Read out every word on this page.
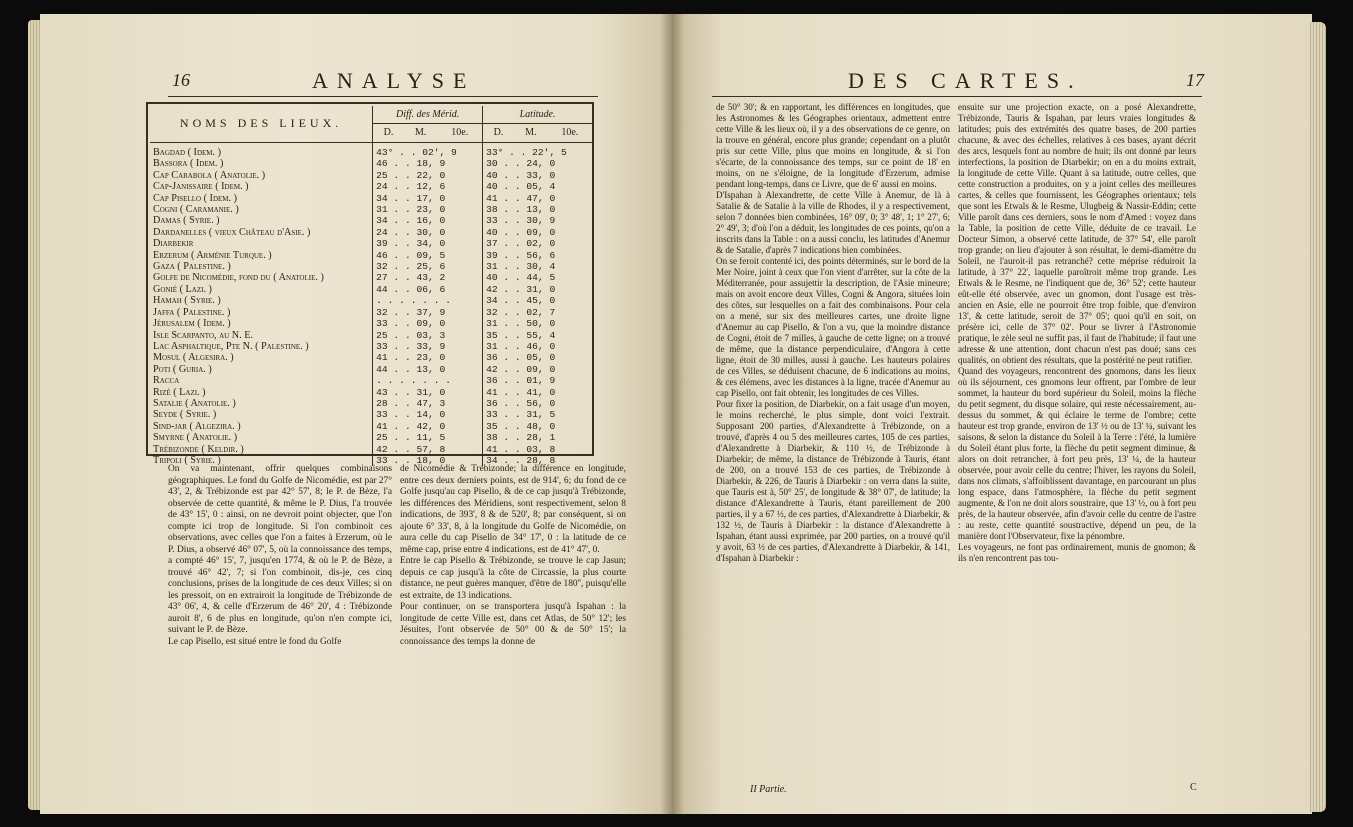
16	ANALYSE
NOMS DES LIEUX.	Diff. des Mérid.			Latitude.		
	D.	M.	10e.	D.	M.	10e.
Bagdad ( Idem. )	43° . . 02', 9			33° . . 22', 5		
Bassora ( Idem. )	46 . . 18, 9			30 . . 24, 0		
Cap Carabola ( Anatolie. )	25 . . 22, 0			40 . . 33, 0		
Cap-Janissaire ( Idem. )	24 . . 12, 6			40 . . 05, 4		
Cap Pisello ( Idem. )	34 . . 17, 0			41 . . 47, 0		
Cogni ( Caramanie. )	31 . . 23, 0			38 . . 13, 0		
Damas ( Syrie. )	34 . . 16, 0			33 . . 30, 9		
Dardanelles ( vieux Château d'Asie. )	24 . . 30, 0			40 . . 09, 0		
Diarbekir	39 . . 34, 0			37 . . 02, 0		
Erzerum ( Arménie Turque. )	46 . . 09, 5			39 . . 56, 6		
Gaza ( Palestine. )	32 . . 25, 6			31 . . 30, 4		
Golfe de Nicomédie, fond du ( Anatolie. )	27 . . 43, 2			40 . . 44, 5		
Gonié ( Lazi. )	44 . . 06, 6			42 . . 31, 0		
Hamah ( Syrie. )	. . . . . . .			34 . . 45, 0		
Jaffa ( Palestine. )	32 . . 37, 9			32 . . 02, 7		
Jérusalem ( Idem. )	33 . . 09, 0			31 . . 50, 0		
Isle Scarpanto, au N. E.	25 . . 03, 3			35 . . 55, 4		
Lac Asphaltique, Pte N. ( Palestine. )	33 . . 33, 9			31 . . 46, 0		
Mosul ( Algesira. )	41 . . 23, 0			36 . . 05, 0		
Poti ( Guria. )	44 . . 13, 0			42 . . 09, 0		
Racca	. . . . . . .			36 . . 01, 9		
Rizé ( Lazi. )	43 . . 31, 0			41 . . 41, 0		
Satalie ( Anatolie. )	28 . . 47, 3			36 . . 56, 0		
Seyde ( Syrie. )	33 . . 14, 0			33 . . 31, 5		
Sind-jar ( Algezira. )	41 . . 42, 0			35 . . 48, 0		
Smyrne ( Anatolie. )	25 . . 11, 5			38 . . 28, 1		
Trébizonde ( Keldir. )	42 . . 57, 8			41 . . 03, 8		
Tripoli ( Syrie. )	33 . . 18, 0			34 . . 28, 8		
On va maintenant, offrir quelques combinaisons géographiques. Le fond du Golfe de Nicomédie, est par 27° 43', 2, & Trébizonde est par 42° 57', 8; le P. de Bèze, l'a observée de cette quantité, & même le P. Dius, l'a trouvée de 43° 15', 0 : ainsi, on ne devroit point objecter, que l'on compte ici trop de longitude. Si l'on combinoit ces observations, avec celles que l'on a faites à Erzerum, où le P. Dius, a observé 46° 07', 5, où la connoissance des temps, a compté 46° 15', 7, jusqu'en 1774, & où le P. de Bèze, a trouvé 46° 42', 7; si l'on combinoit, dis-je, ces cinq conclusions, prises de la longitude de ces deux Villes; si on les pressoit, on en extrairoit la longitude de Trébizonde de 43° 06', 4, & celle d'Erzerum de 46° 20', 4 : Trébizonde auroit 8', 6 de plus en longitude, qu'on n'en compte ici, suivant le P. de Bèze.
Le cap Pisello, est situé entre le fond du Golfe
de Nicomédie & Trébizonde; la différence en longitude, entre ces deux derniers points, est de 914', 6; du fond de ce Golfe jusqu'au cap Pisello, & de ce cap jusqu'à Trébizonde, les différences des Méridiens, sont respectivement, selon 8 indications, de 393', 8 & de 520', 8; par conséquent, si on ajoute 6° 33', 8, à la longitude du Golfe de Nicomédie, on aura celle du cap Pisello de 34° 17', 0 : la latitude de ce même cap, prise entre 4 indications, est de 41° 47', 0.
Entre le cap Pisello & Trébizonde, se trouve le cap Jasun; depuis ce cap jusqu'à la côte de Circassie, la plus courte distance, ne peut guères manquer, d'être de 180'', puisqu'elle est extraite, de 13 indications.
Pour continuer, on se transportera jusqu'à Ispahan : la longitude de cette Ville est, dans cet Atlas, de 50° 12'; les Jésuites, l'ont observée de 50° 00 & de 50° 15'; la connoissance des temps la donne de
DES CARTES.	17
de 50° 30'; & en rapportant, les différences en longitudes, que les Astronomes & les Géographes orientaux, admettent entre cette Ville & les lieux où, il y a des observations de ce genre, on la trouve en général, encore plus grande; cependant on a plutôt pris sur cette Ville, plus que moins en longitude, & si l'on s'écarte, de la connoissance des temps, sur ce point de 18' en moins, on ne s'éloigne, de la longitude d'Erzerum, admise pendant long-temps, dans ce Livre, que de 6' aussi en moins.
D'Ispahan à Alexandrette, de cette Ville à Anemur, de là à Satalie & de Satalie à la ville de Rhodes, il y a respectivement, selon 7 données bien combinées, 16° 09', 0; 3° 48', 1; 1° 27', 6; 2° 49', 3; d'où l'on a déduit, les longitudes de ces points, qu'on a inscrits dans la Table : on a aussi conclu, les latitudes d'Anemur & de Satalie, d'après 7 indications bien combinées.
On se feroit contenté ici, des points déterminés, sur le bord de la Mer Noire, joint à ceux que l'on vient d'arrêter, sur la côte de la Méditerranée, pour assujettir la description, de l'Asie mineure; mais on avoit encore deux Villes, Cogni & Angora, situées loin des côtes, sur lesquelles on a fait des combinaisons. Pour cela on a mené, sur six des meilleures cartes, une droite ligne d'Anemur au cap Pisello, & l'on a vu, que la moindre distance de Cogni, étoit de 7 milles, à gauche de cette ligne; on a trouvé de même, que la distance perpendiculaire, d'Angora à cette ligne, étoit de 30 milles, aussi à gauche. Les hauteurs polaires de ces Villes, se déduisent chacune, de 6 indications au moins, & ces élémens, avec les distances à la ligne, tracée d'Anemur au cap Pisello, ont fait obtenir, les longitudes de ces Villes.
Pour fixer la position, de Diarbekir, on a fait usage d'un moyen, le moins recherché, le plus simple, dont voici l'extrait. Supposant 200 parties, d'Alexandrette à Trébizonde, on a trouvé, d'après 4 ou 5 des meilleures cartes, 105 de ces parties, d'Alexandrette à Diarbekir, & 110 ½, de Trébizonde à Diarbekir; de même, la distance de Trébizonde à Tauris, étant de 200, on a trouvé 153 de ces parties, de Trébizonde à Diarbekir, & 226, de Tauris à Diarbekir : on verra dans la suite, que Tauris est à, 50° 25', de longitude & 38° 07', de latitude; la distance d'Alexandrette à Tauris, étant pareillement de 200 parties, il y a 67 ½, de ces parties, d'Alexandrette à Diarbekir, & 132 ½, de Tauris à Diarbekir : la distance d'Alexandrette à Ispahan, étant aussi exprimée, par 200 parties, on a trouvé qu'il y avoit, 63 ½ de ces parties, d'Alexandrette à Diarbekir, & 141, d'Ispahan à Diarbekir :
II Partie.
ensuite sur une projection exacte, on a posé Alexandrette, Trébizonde, Tauris & Ispahan, par leurs vraies longitudes & latitudes; puis des extrémités des quatre bases, de 200 parties chacune, & avec des échelles, relatives à ces bases, ayant décrit des arcs, lesquels font au nombre de huit; ils ont donné par leurs interfections, la position de Diarbekir; on en a du moins extrait, la longitude de cette Ville. Quant à sa latitude, outre celles, que cette construction a produites, on y a joint celles des meilleures cartes, & celles que fournissent, les Géographes orientaux; tels que sont les Etwals & le Resme, Ulugbeig & Nassir-Eddin; cette Ville paroît dans ces derniers, sous le nom d'Amed : voyez dans la Table, la position de cette Ville, déduite de ce travail. Le Docteur Simon, a observé cette latitude, de 37° 54', elle paroît trop grande; on lieu d'ajouter à son résultat, le demi-diamètre du Soleil, ne l'auroit-il pas retranché? cette méprise réduiroit la latitude, à 37° 22', laquelle paroîtroit même trop grande. Les Etwals & le Resme, ne l'indiquent que de, 36° 52'; cette hauteur eût-elle été observée, avec un gnomon, dont l'usage est très-ancien en Asie, elle ne pourroit être trop foible, que d'environ 13', & cette latitude, seroit de 37° 05'; quoi qu'il en soit, on présère ici, celle de 37° 02'. Pour se livrer à l'Astronomie pratique, le zèle seul ne suffit pas, il faut de l'habitude; il faut une adresse & une attention, dont chacun n'est pas doué; sans ces qualités, on obtient des résultats, que la postérité ne peut ratifier.
Quand des voyageurs, rencontrent des gnomons, dans les lieux où ils séjournent, ces gnomons leur offrent, par l'ombre de leur sommet, la hauteur du bord supérieur du Soleil, moins la flèche du petit segment, du disque solaire, qui reste nécessairement, au-dessus du sommet, & qui éclaire le terme de l'ombre; cette hauteur est trop grande, environ de 13' ½ ou de 13' ¼, suivant les saisons, & selon la distance du Soleil à la Terre : l'été, la lumière du Soleil étant plus forte, la flèche du petit segment diminue, & alors on doit retrancher, à fort peu près, 13' ¼, de la hauteur observée, pour avoir celle du centre; l'hiver, les rayons du Soleil, dans nos climats, s'affoiblissent davantage, en parcourant un plus long espace, dans l'atmosphère, la flèche du petit segment augmente, & l'on ne doit alors soustraire, que 13' ½, ou à fort peu près, de la hauteur observée, afin d'avoir celle du centre de l'astre : au reste, cette quantité soustractive, dépend un peu, de la manière dont l'Observateur, fixe la pénombre.
Les voyageurs, ne font pas ordinairement, munis de gnomon; & ils n'en rencontrent pas tou-
C
